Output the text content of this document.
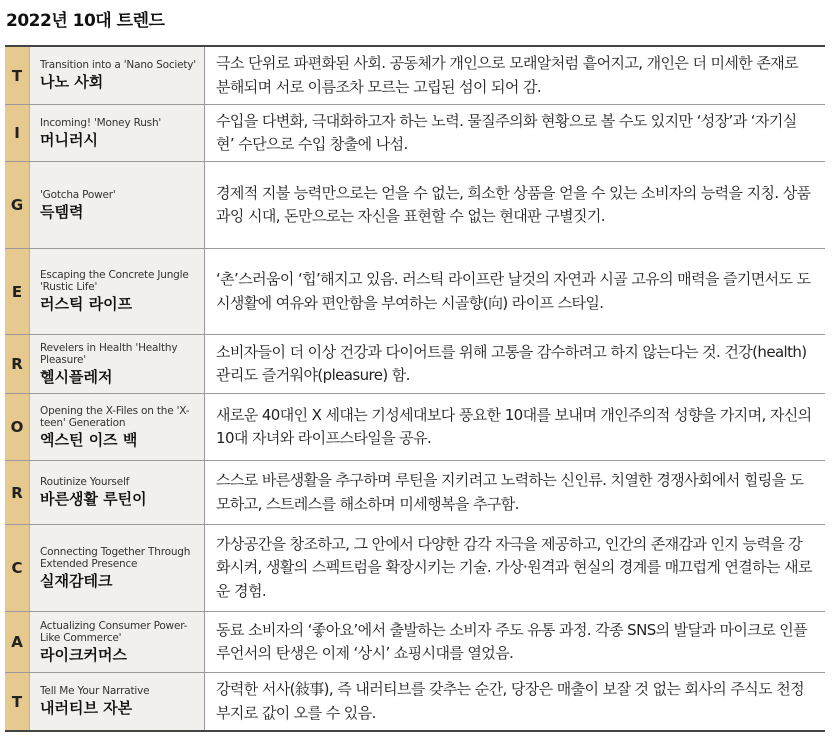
2022년 10대 트렌드
T
Transition into a 'Nano Society'
나노 사회
극소 단위로 파편화된 사회. 공동체가 개인으로 모래알처럼 흩어지고, 개인은 더 미세한 존재로 분해되며 서로 이름조차 모르는 고립된 섬이 되어 감.
I
Incoming! 'Money Rush'
머니러시
수입을 다변화, 극대화하고자 하는 노력. 물질주의화 현황으로 볼 수도 있지만 ‘성장’과 ‘자기실현’ 수단으로 수입 창출에 나섬.
G
'Gotcha Power'
득템력
경제적 지불 능력만으로는 얻을 수 없는, 희소한 상품을 얻을 수 있는 소비자의 능력을 지칭. 상품 과잉 시대, 돈만으로는 자신을 표현할 수 없는 현대판 구별짓기.
E
Escaping the Concrete Jungle 'Rustic Life'
러스틱 라이프
‘촌’스러움이 ‘힙’해지고 있음. 러스틱 라이프란 날것의 자연과 시골 고유의 매력을 즐기면서도 도시생활에 여유와 편안함을 부여하는 시골향(向) 라이프 스타일.
R
Revelers in Health 'Healthy Pleasure'
헬시플레저
소비자들이 더 이상 건강과 다이어트를 위해 고통을 감수하려고 하지 않는다는 것. 건강(health) 관리도 즐거워야(pleasure) 함.
O
Opening the X-Files on the 'X-teen' Generation
엑스틴 이즈 백
새로운 40대인 X 세대는 기성세대보다 풍요한 10대를 보내며 개인주의적 성향을 가지며, 자신의 10대 자녀와 라이프스타일을 공유.
R
Routinize Yourself
바른생활 루틴이
스스로 바른생활을 추구하며 루틴을 지키려고 노력하는 신인류. 치열한 경쟁사회에서 힐링을 도모하고, 스트레스를 해소하며 미세행복을 추구함.
C
Connecting Together Through Extended Presence
실재감테크
가상공간을 창조하고, 그 안에서 다양한 감각 자극을 제공하고, 인간의 존재감과 인지 능력을 강화시켜, 생활의 스펙트럼을 확장시키는 기술. 가상·원격과 현실의 경계를 매끄럽게 연결하는 새로운 경험.
A
Actualizing Consumer Power-Like Commerce'
라이크커머스
동료 소비자의 ‘좋아요’에서 출발하는 소비자 주도 유통 과정. 각종 SNS의 발달과 마이크로 인플루언서의 탄생은 이제 ‘상시’ 쇼핑시대를 열었음.
T
Tell Me Your Narrative
내러티브 자본
강력한 서사(敍事), 즉 내러티브를 갖추는 순간, 당장은 매출이 보잘 것 없는 회사의 주식도 천정부지로 값이 오를 수 있음.
